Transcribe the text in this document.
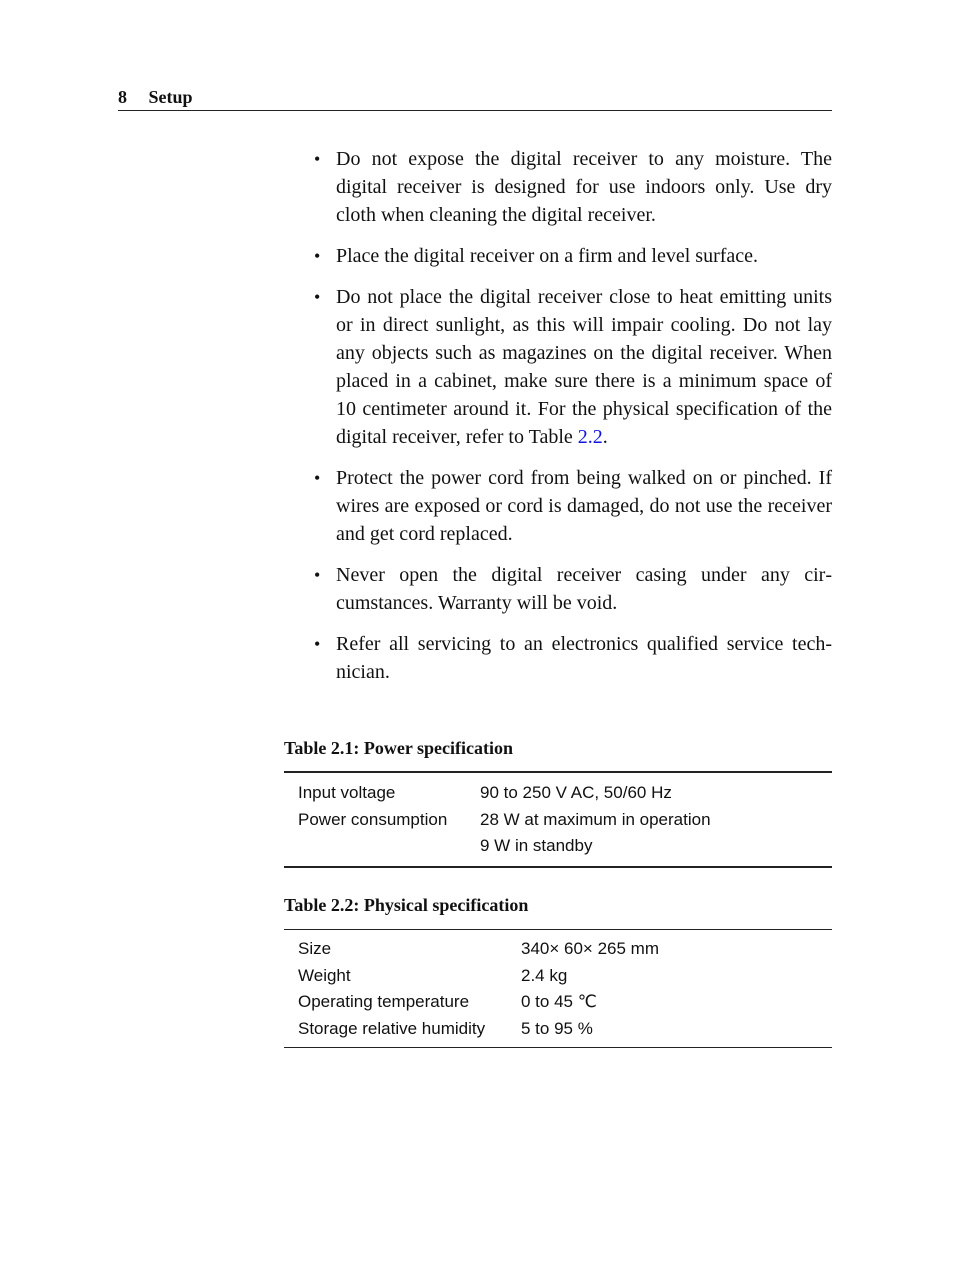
8 Setup
• Do not expose the digital receiver to any moisture. The digital receiver is designed for use indoors only. Use dry cloth when cleaning the digital receiver.
• Place the digital receiver on a firm and level surface.
• Do not place the digital receiver close to heat emitting units or in direct sunlight, as this will impair cooling. Do not lay any objects such as magazines on the digital receiver. When placed in a cabinet, make sure there is a minimum space of 10 centimeter around it. For the physical specification of the digital receiver, refer to Table 2.2.
• Protect the power cord from being walked on or pinched. If wires are exposed or cord is damaged, do not use the receiver and get cord replaced.
• Never open the digital receiver casing under any circumstances. Warranty will be void.
• Refer all servicing to an electronics qualified service technician.
Table 2.1: Power specification
Input voltage	90 to 250 V AC, 50/60 Hz
Power consumption	28 W at maximum in operation
	9 W in standby
Table 2.2: Physical specification
Size	340× 60× 265 mm
Weight	2.4 kg
Operating temperature	0 to 45 ℃
Storage relative humidity	5 to 95 %
